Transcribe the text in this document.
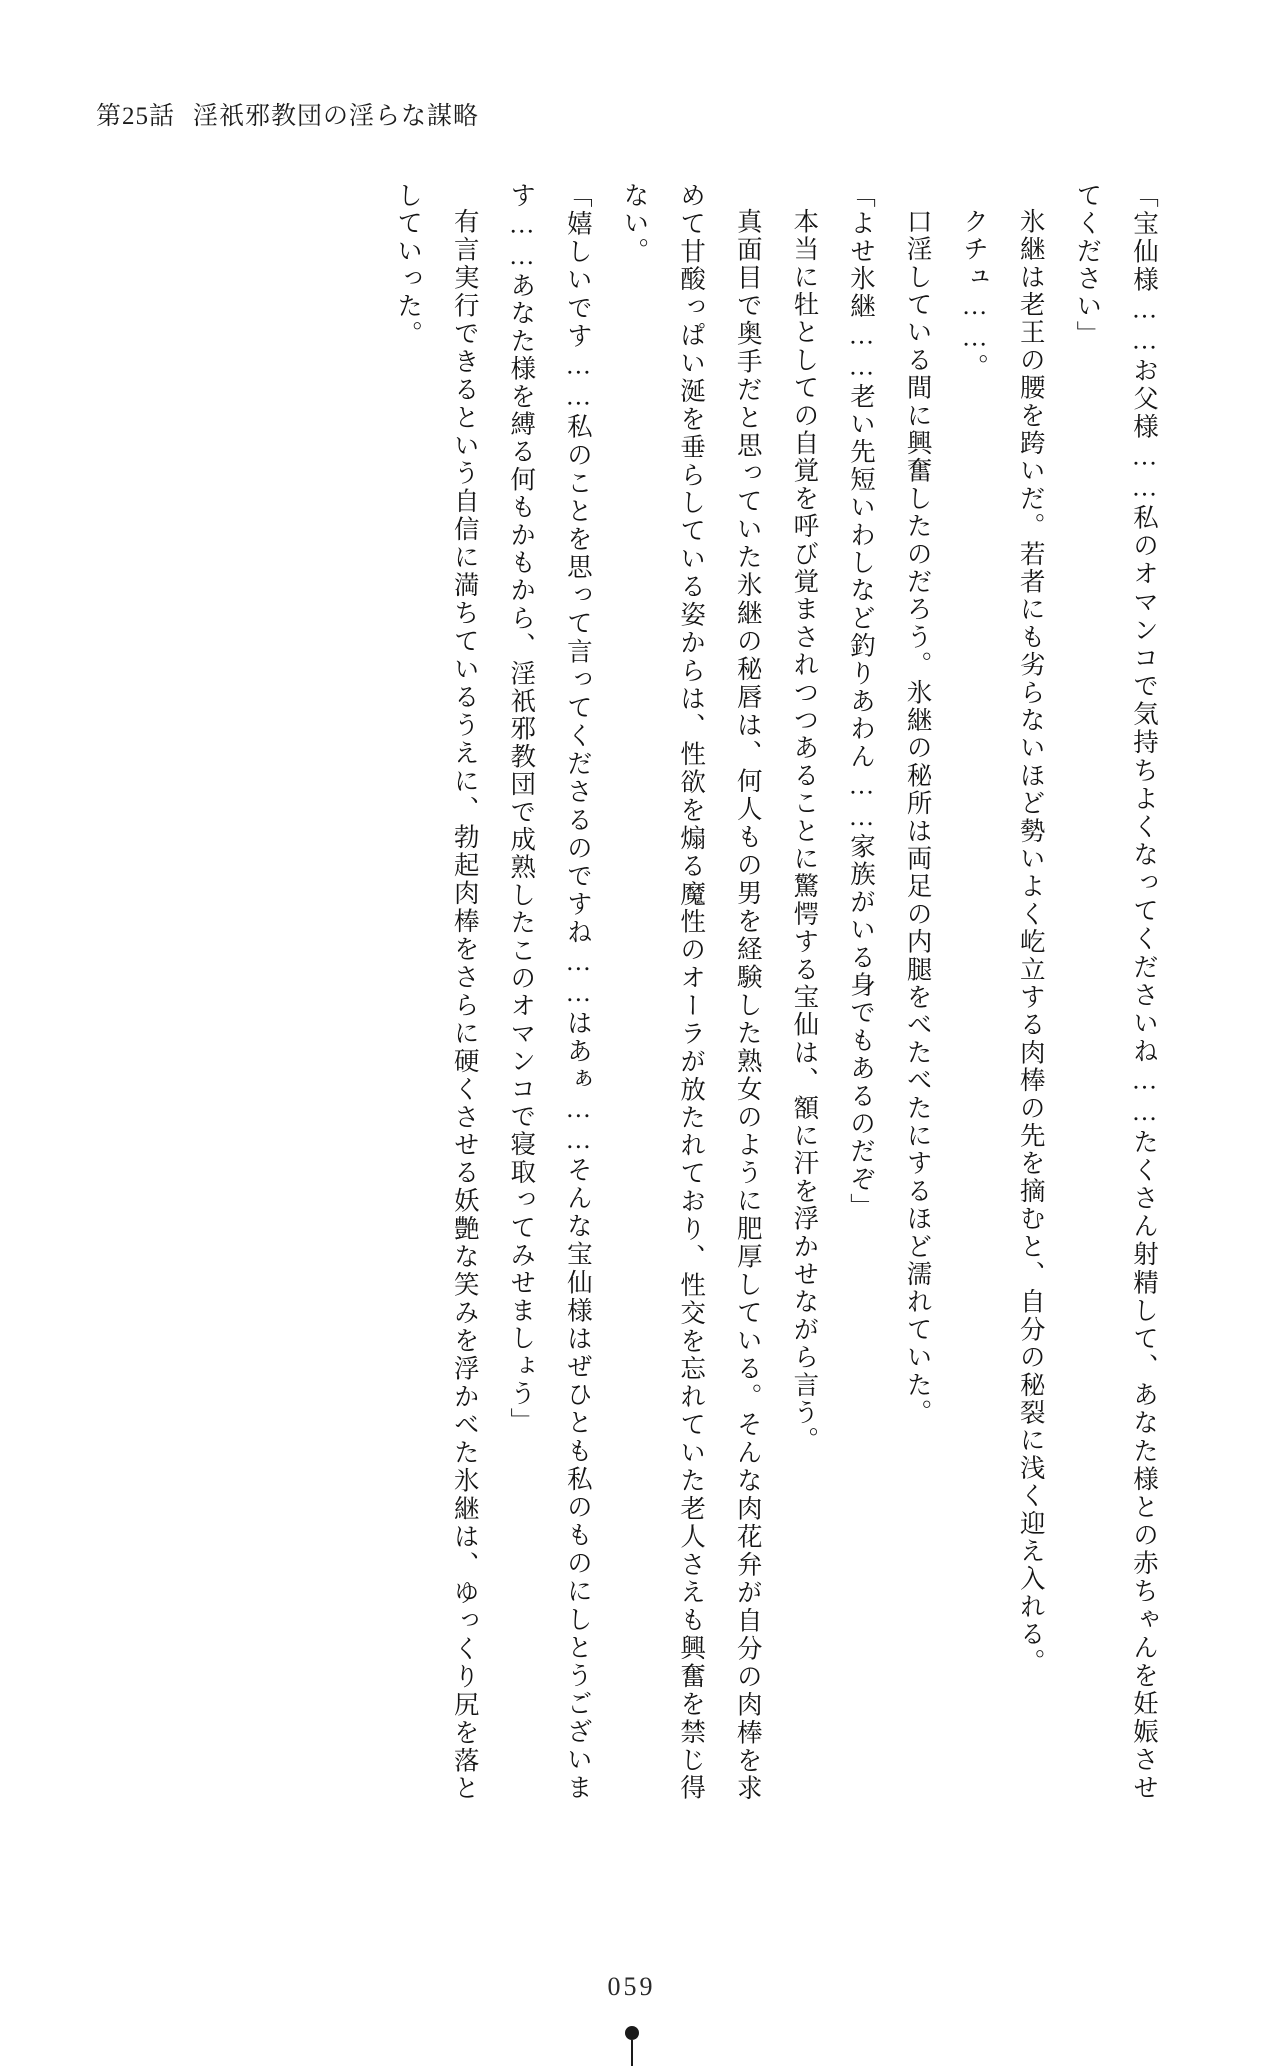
第25話 淫祇邪教団の淫らな謀略

「宝仙様……お父様……私のオマンコで気持ちよくなってくださいね……たくさん射精して、あなた様との赤ちゃんを妊娠させてください」

氷継は老王の腰を跨いだ。若者にも劣らないほど勢いよく屹立する肉棒の先を摘むと、自分の秘裂に浅く迎え入れる。

クチュ……。

口淫している間に興奮したのだろう。氷継の秘所は両足の内腿をべたべたにするほど濡れていた。

「よせ氷継……老い先短いわしなど釣りあわん……家族がいる身でもあるのだぞ」

本当に牡としての自覚を呼び覚まされつつあることに驚愕する宝仙は、額に汗を浮かせながら言う。

真面目で奥手だと思っていた氷継の秘唇は、何人もの男を経験した熟女のように肥厚している。そんな肉花弁が自分の肉棒を求めて甘酸っぱい涎を垂らしている姿からは、性欲を煽る魔性のオーラが放たれており、性交を忘れていた老人さえも興奮を禁じ得ない。

「嬉しいです……私のことを思って言ってくださるのですね……はあぁ……そんな宝仙様はぜひとも私のものにしとうございます……あなた様を縛る何もかもから、淫祇邪教団で成熟したこのオマンコで寝取ってみせましょう」

有言実行できるという自信に満ちているうえに、勃起肉棒をさらに硬くさせる妖艶な笑みを浮かべた氷継は、ゆっくり尻を落としていった。

059
